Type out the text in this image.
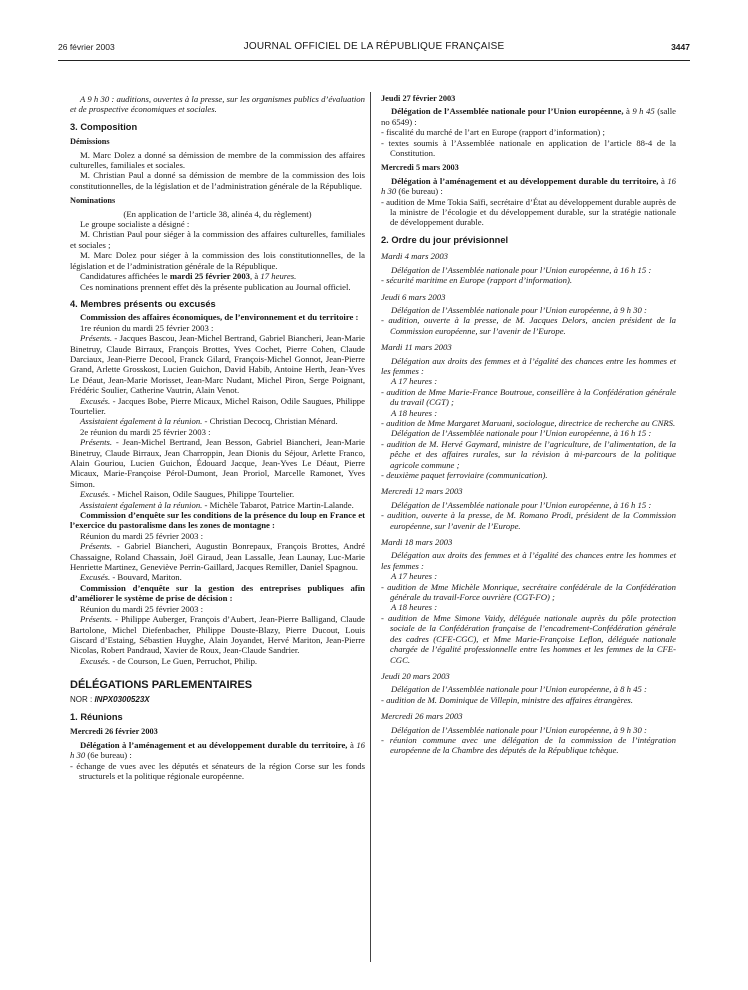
26 février 2003	JOURNAL OFFICIEL DE LA RÉPUBLIQUE FRANÇAISE	3447

A 9 h 30 : auditions, ouvertes à la presse, sur les organismes publics d’évaluation et de prospective économiques et sociales.

3. Composition

Démissions

M. Marc Dolez a donné sa démission de membre de la commission des affaires culturelles, familiales et sociales.

M. Christian Paul a donné sa démission de membre de la commission des lois constitutionnelles, de la législation et de l’administration générale de la République.

Nominations

(En application de l’article 38, alinéa 4, du règlement)

Le groupe socialiste a désigné :

M. Christian Paul pour siéger à la commission des affaires culturelles, familiales et sociales ;

M. Marc Dolez pour siéger à la commission des lois constitutionnelles, de la législation et de l’administration générale de la République.

Candidatures affichées le mardi 25 février 2003, à 17 heures.

Ces nominations prennent effet dès la présente publication au Journal officiel.

4. Membres présents ou excusés

Commission des affaires économiques, de l’environnement et du territoire :

1re réunion du mardi 25 février 2003 :

Présents. - Jacques Bascou, Jean-Michel Bertrand, Gabriel Biancheri, Jean-Marie Binetruy, Claude Birraux, François Brottes, Yves Cochet, Pierre Cohen, Claude Darciaux, Jean-Pierre Decool, Franck Gilard, François-Michel Gonnot, Jean-Pierre Grand, Arlette Grosskost, Lucien Guichon, David Habib, Antoine Herth, Jean-Yves Le Déaut, Jean-Marie Morisset, Jean-Marc Nudant, Michel Piron, Serge Poignant, Frédéric Soulier, Catherine Vautrin, Alain Venot.

Excusés. - Jacques Bobe, Pierre Micaux, Michel Raison, Odile Saugues, Philippe Tourtelier.

Assistaient également à la réunion. - Christian Decocq, Christian Ménard.

2e réunion du mardi 25 février 2003 :

Présents. - Jean-Michel Bertrand, Jean Besson, Gabriel Biancheri, Jean-Marie Binetruy, Claude Birraux, Jean Charroppin, Jean Dionis du Séjour, Arlette Franco, Alain Gouriou, Lucien Guichon, Édouard Jacque, Jean-Yves Le Déaut, Pierre Micaux, Marie-Françoise Pérol-Dumont, Jean Proriol, Marcelle Ramonet, Yves Simon.

Excusés. - Michel Raison, Odile Saugues, Philippe Tourtelier.

Assistaient également à la réunion. - Michèle Tabarot, Patrice Martin-Lalande.

Commission d’enquête sur les conditions de la présence du loup en France et l’exercice du pastoralisme dans les zones de montagne :

Réunion du mardi 25 février 2003 :

Présents. - Gabriel Biancheri, Augustin Bonrepaux, François Brottes, André Chassaigne, Roland Chassain, Joël Giraud, Jean Lassalle, Jean Launay, Luc-Marie Henriette Martinez, Geneviève Perrin-Gaillard, Jacques Remiller, Daniel Spagnou.

Excusés. - Bouvard, Mariton.

Commission d’enquête sur la gestion des entreprises publiques afin d’améliorer le système de prise de décision :

Réunion du mardi 25 février 2003 :

Présents. - Philippe Auberger, François d’Aubert, Jean-Pierre Balligand, Claude Bartolone, Michel Diefenbacher, Philippe Douste-Blazy, Pierre Ducout, Louis Giscard d’Estaing, Sébastien Huyghe, Alain Joyandet, Hervé Mariton, Jean-Pierre Nicolas, Robert Pandraud, Xavier de Roux, Jean-Claude Sandrier.

Excusés. - de Courson, Le Guen, Perruchot, Philip.

DÉLÉGATIONS PARLEMENTAIRES

NOR : INPX0300523X

1. Réunions

Mercredi 26 février 2003

Délégation à l’aménagement et au développement durable du territoire, à 16 h 30 (6e bureau) :

- échange de vues avec les députés et sénateurs de la région Corse sur les fonds structurels et la politique régionale européenne.

Jeudi 27 février 2003

Délégation de l’Assemblée nationale pour l’Union européenne, à 9 h 45 (salle no 6549) :

- fiscalité du marché de l’art en Europe (rapport d’information) ;

- textes soumis à l’Assemblée nationale en application de l’article 88-4 de la Constitution.

Mercredi 5 mars 2003

Délégation à l’aménagement et au développement durable du territoire, à 16 h 30 (6e bureau) :

- audition de Mme Tokia Saïfi, secrétaire d’État au développement durable auprès de la ministre de l’écologie et du développement durable, sur la stratégie nationale de développement durable.

2. Ordre du jour prévisionnel

Mardi 4 mars 2003

Délégation de l’Assemblée nationale pour l’Union européenne, à 16 h 15 :

- sécurité maritime en Europe (rapport d’information).

Jeudi 6 mars 2003

Délégation de l’Assemblée nationale pour l’Union européenne, à 9 h 30 :

- audition, ouverte à la presse, de M. Jacques Delors, ancien président de la Commission européenne, sur l’avenir de l’Europe.

Mardi 11 mars 2003

Délégation aux droits des femmes et à l’égalité des chances entre les hommes et les femmes :

A 17 heures :

- audition de Mme Marie-France Boutroue, conseillère à la Confédération générale du travail (CGT) ;

A 18 heures :

- audition de Mme Margaret Maruani, sociologue, directrice de recherche au CNRS.

Délégation de l’Assemblée nationale pour l’Union européenne, à 16 h 15 :

- audition de M. Hervé Gaymard, ministre de l’agriculture, de l’alimentation, de la pêche et des affaires rurales, sur la révision à mi-parcours de la politique agricole commune ;

- deuxième paquet ferroviaire (communication).

Mercredi 12 mars 2003

Délégation de l’Assemblée nationale pour l’Union européenne, à 16 h 15 :

- audition, ouverte à la presse, de M. Romano Prodi, président de la Commission européenne, sur l’avenir de l’Europe.

Mardi 18 mars 2003

Délégation aux droits des femmes et à l’égalité des chances entre les hommes et les femmes :

A 17 heures :

- audition de Mme Michèle Monrique, secrétaire confédérale de la Confédération générale du travail-Force ouvrière (CGT-FO) ;

A 18 heures :

- audition de Mme Simone Vaidy, déléguée nationale auprès du pôle protection sociale de la Confédération française de l’encadrement-Confédération générale des cadres (CFE-CGC), et Mme Marie-Françoise Leflon, déléguée nationale chargée de l’égalité professionnelle entre les hommes et les femmes de la CFE-CGC.

Jeudi 20 mars 2003

Délégation de l’Assemblée nationale pour l’Union européenne, à 8 h 45 :

- audition de M. Dominique de Villepin, ministre des affaires étrangères.

Mercredi 26 mars 2003

Délégation de l’Assemblée nationale pour l’Union européenne, à 9 h 30 :

- réunion commune avec une délégation de la commission de l’intégration européenne de la Chambre des députés de la République tchèque.
